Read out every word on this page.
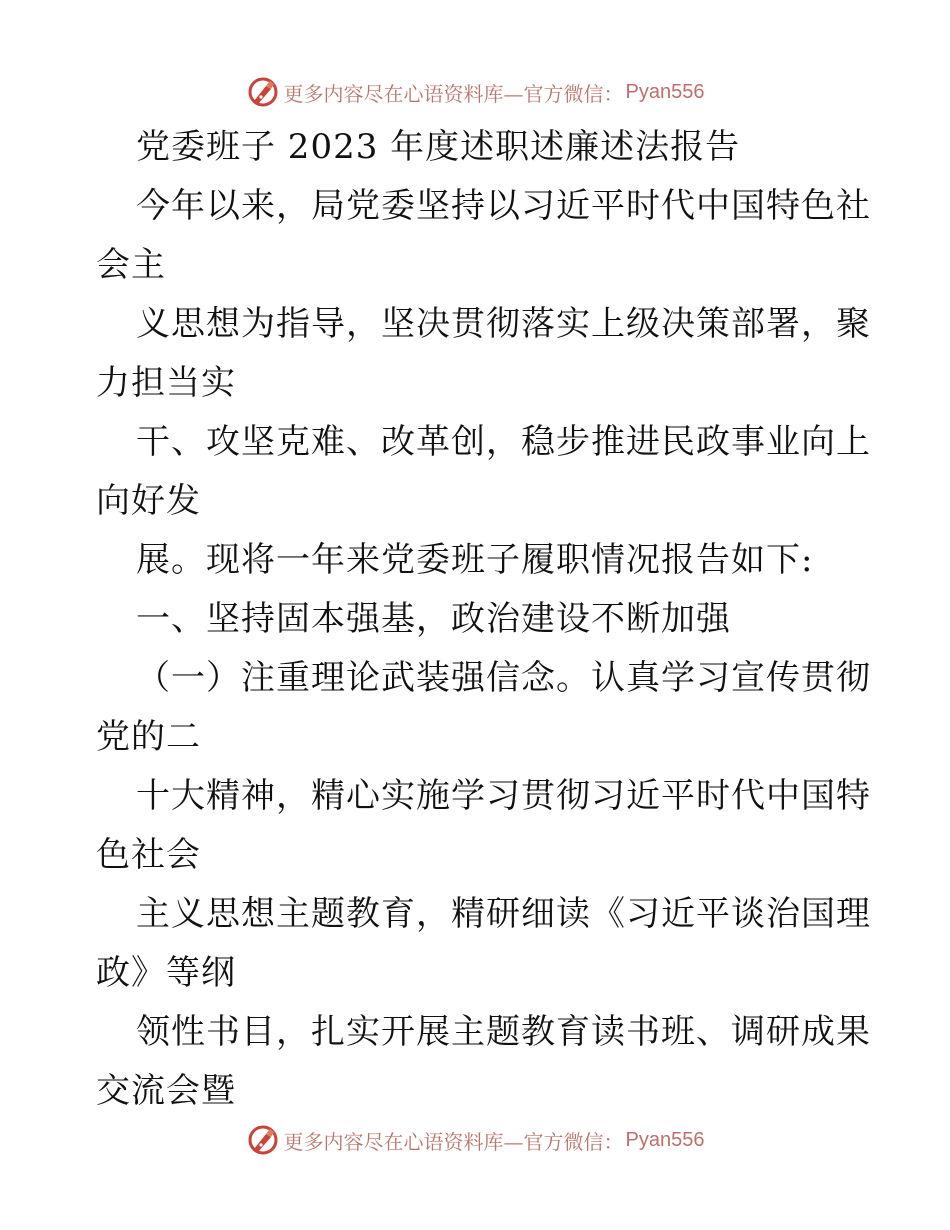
更多内容尽在心语资料库—官方微信： Pyan556
党委班子 2023 年度述职述廉述法报告
今年以来，局党委坚持以习近平时代中国特色社
会主
义思想为指导，坚决贯彻落实上级决策部署，聚
力担当实
干、攻坚克难、改革创，稳步推进民政事业向上
向好发
展。现将一年来党委班子履职情况报告如下:
一、坚持固本强基，政治建设不断加强
（一）注重理论武装强信念。认真学习宣传贯彻
党的二
十大精神，精心实施学习贯彻习近平时代中国特
色社会
主义思想主题教育，精研细读《习近平谈治国理
政》等纲
领性书目，扎实开展主题教育读书班、调研成果
交流会暨
更多内容尽在心语资料库—官方微信： Pyan556
